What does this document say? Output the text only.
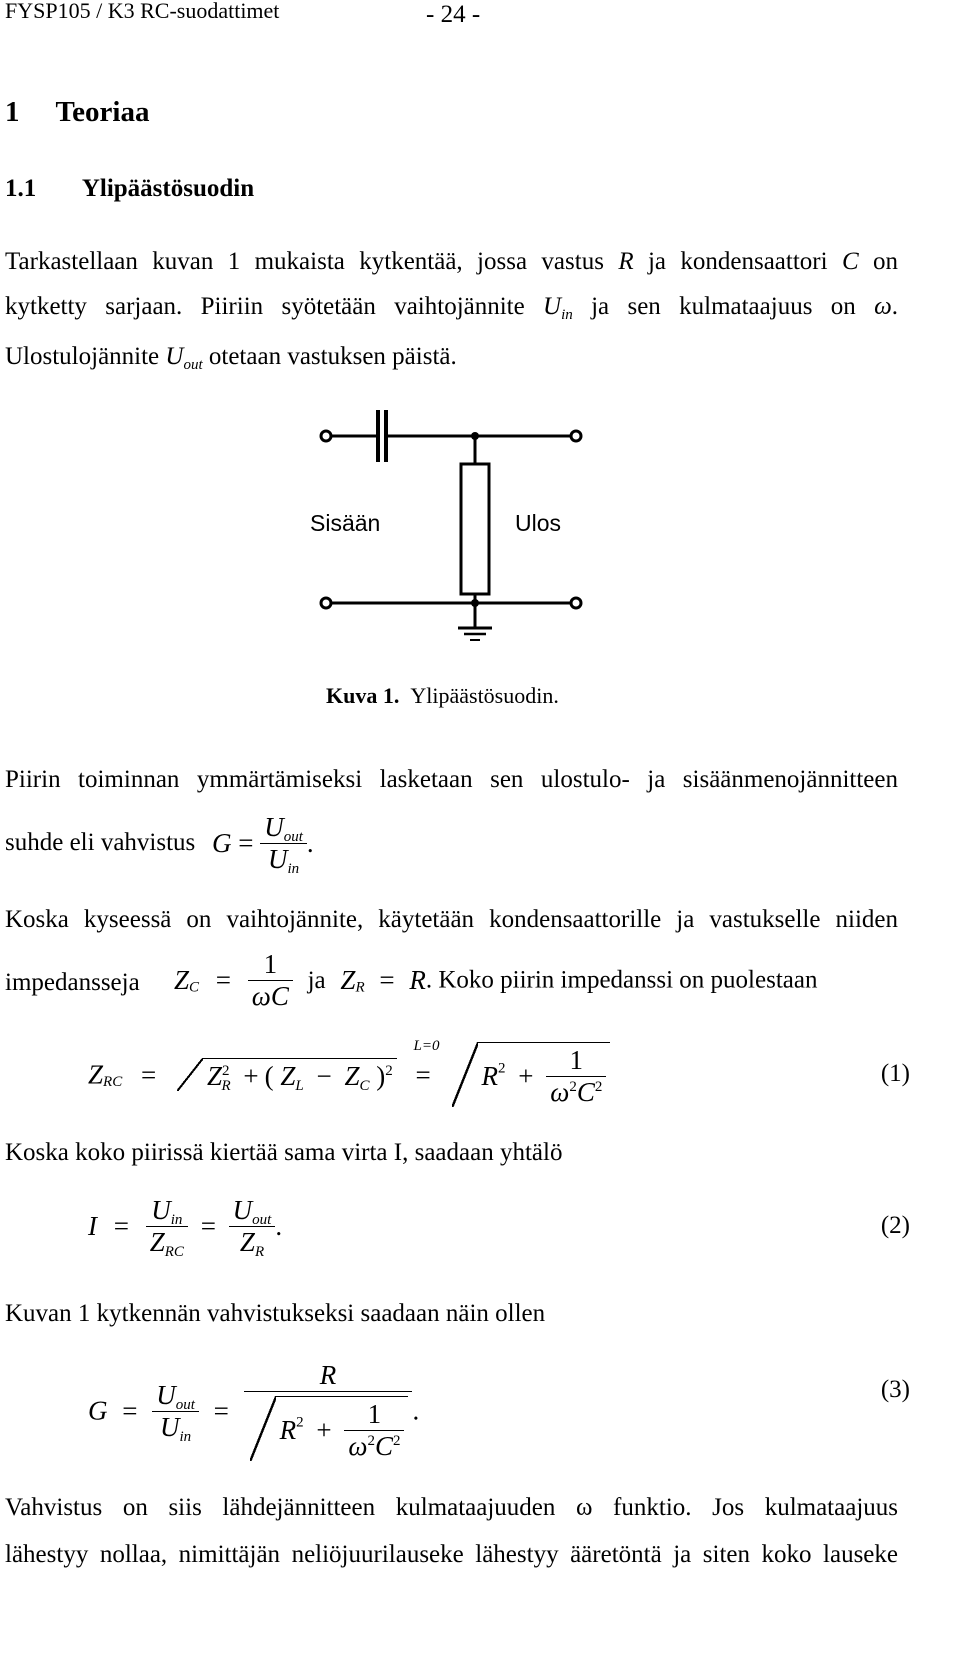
FYSP105 / K3 RC-suodattimet	- 24 -
1 Teoriaa
1.1 Ylipäästösuodin
Tarkastellaan kuvan 1 mukaista kytkentää, jossa vastus R ja kondensaattori C on
kytketty sarjaan. Piiriin syötetään vaihtojännite $U_{in}$ ja sen kulmataajuus on ω.
Ulostulojännite $U_{out}$ otetaan vastuksen päistä.
Sisään	Ulos
Kuva 1. Ylipäästösuodin.
Piirin toiminnan ymmärtämiseksi lasketaan sen ulostulo- ja sisäänmenojännitteen
suhde eli vahvistus $G = \frac{U_{out}}{U_{in}}$ .
Koska kyseessä on vaihtojännite, käytetään kondensaattorille ja vastukselle niiden
impedansseja $Z_C = \frac{1}{\omega C}$ ja $Z_R = R$. Koko piirin impedanssi on puolestaan
$Z_{RC} = Z^2_R$ + ( $Z_L - Z_C$ )$^2$ =
L=0
$R^2 + \frac{1}{\omega^2C^2}$	(1)
Koska koko piirissä kiertää sama virta I, saadaan yhtälö
$I = \frac{U_{in}}{Z_{RC}} = \frac{U_{out}}{Z_R}$ .	(2)
Kuvan 1 kytkennän vahvistukseksi saadaan näin ollen
$G = \frac{U_{out}}{U_{in}} = \frac{R}{R^2 + \frac{1}{\omega^2C^2}}$ .
(3)
Vahvistus on siis lähdejännitteen kulmataajuuden ω funktio. Jos kulmataajuus
lähestyy nollaa, nimittäjän neliöjuurilauseke lähestyy ääretöntä ja siten koko lauseke
